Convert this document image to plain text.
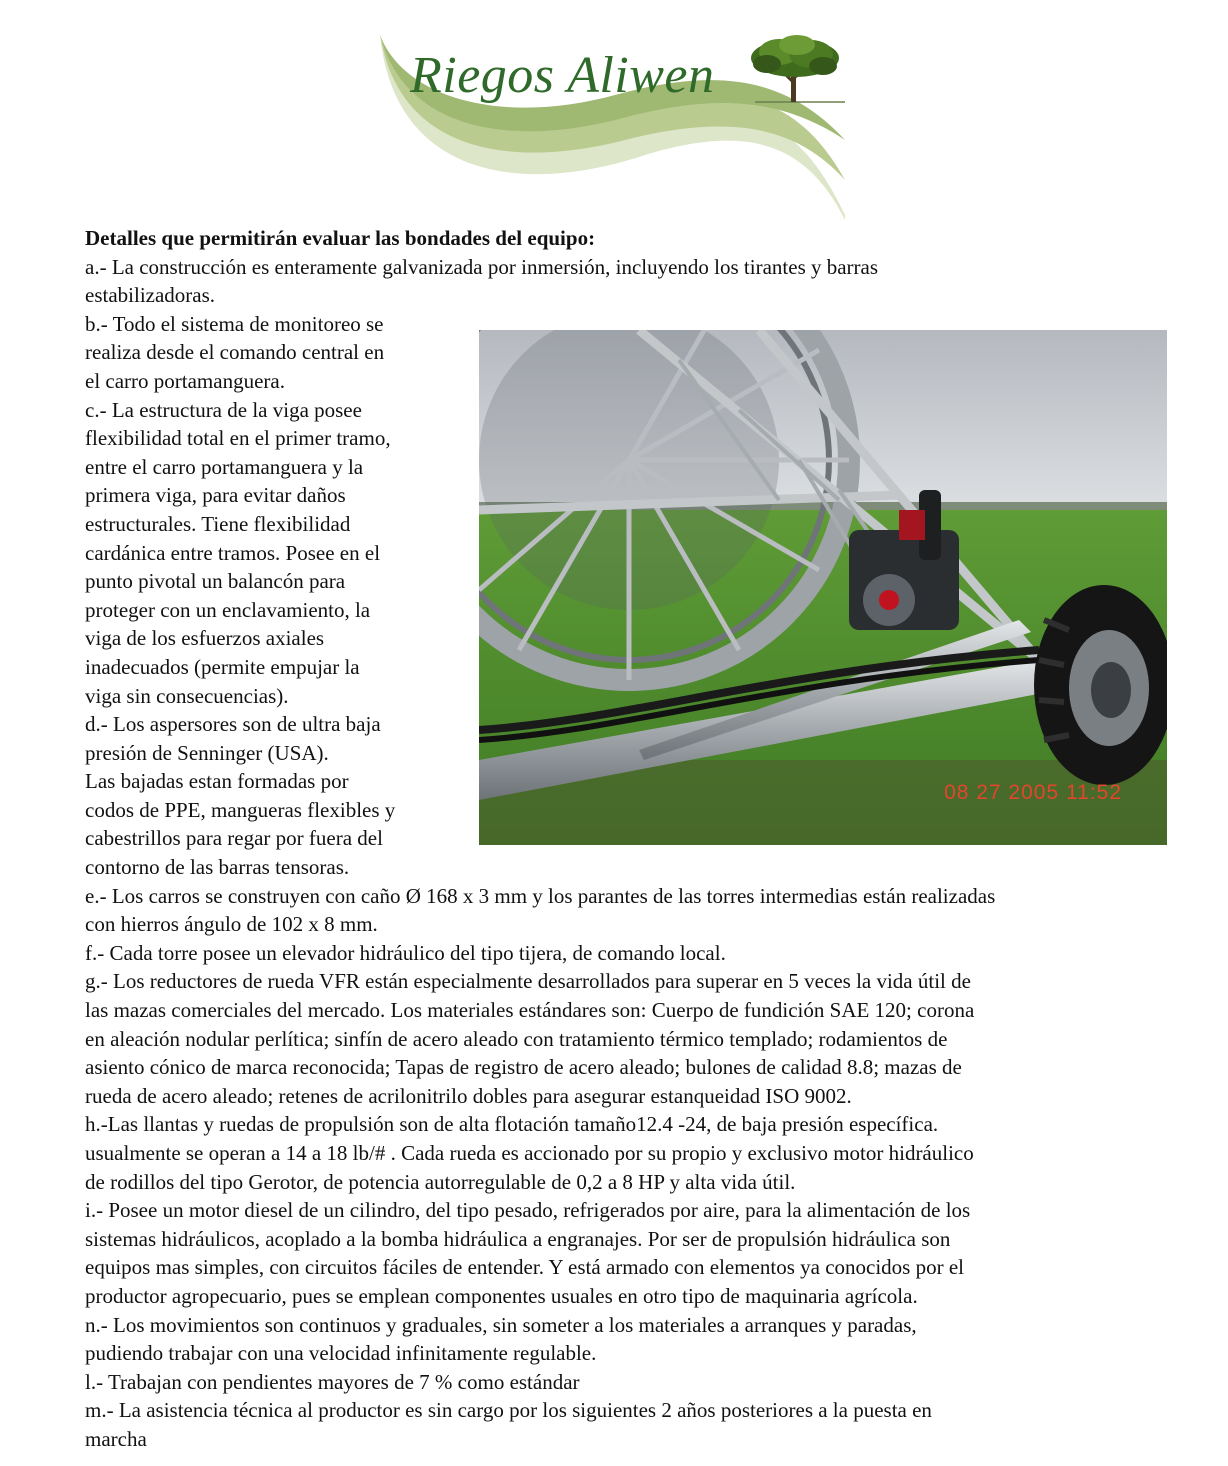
Riegos Aliwen
08 27 2005 11:52
Detalles que permitirán evaluar las bondades del equipo:
a.- La construcción es enteramente galvanizada por inmersión, incluyendo los tirantes y barras
estabilizadoras.
b.- Todo el sistema de monitoreo se
realiza desde el comando central en
el carro portamanguera.
c.- La estructura de la viga posee
flexibilidad total en el primer tramo,
entre el carro portamanguera y la
primera viga, para evitar daños
estructurales. Tiene flexibilidad
cardánica entre tramos. Posee en el
punto pivotal un balancón para
proteger con un enclavamiento, la
viga de los esfuerzos axiales
inadecuados (permite empujar la
viga sin consecuencias).
d.- Los aspersores son de ultra baja
presión de Senninger (USA).
Las bajadas estan formadas por
codos de PPE, mangueras flexibles y
cabestrillos para regar por fuera del
contorno de las barras tensoras.
e.- Los carros se construyen con caño Ø 168 x 3 mm y los parantes de las torres intermedias están realizadas
con hierros ángulo de 102 x 8 mm.
f.- Cada torre posee un elevador hidráulico del tipo tijera, de comando local.
g.- Los reductores de rueda VFR están especialmente desarrollados para superar en 5 veces la vida útil de
las mazas comerciales del mercado. Los materiales estándares son: Cuerpo de fundición SAE 120; corona
en aleación nodular perlítica; sinfín de acero aleado con tratamiento térmico templado; rodamientos de
asiento cónico de marca reconocida; Tapas de registro de acero aleado; bulones de calidad 8.8; mazas de
rueda de acero aleado; retenes de acrilonitrilo dobles para asegurar estanqueidad ISO 9002.
h.-Las llantas y ruedas de propulsión son de alta flotación tamaño12.4 -24, de baja presión específica.
usualmente se operan a 14 a 18 lb/# . Cada rueda es accionado por su propio y exclusivo motor hidráulico
de rodillos del tipo Gerotor, de potencia autorregulable de 0,2 a 8 HP y alta vida útil.
i.- Posee un motor diesel de un cilindro, del tipo pesado, refrigerados por aire, para la alimentación de los
sistemas hidráulicos, acoplado a la bomba hidráulica a engranajes. Por ser de propulsión hidráulica son
equipos mas simples, con circuitos fáciles de entender. Y está armado con elementos ya conocidos por el
productor agropecuario, pues se emplean componentes usuales en otro tipo de maquinaria agrícola.
n.- Los movimientos son continuos y graduales, sin someter a los materiales a arranques y paradas,
pudiendo trabajar con una velocidad infinitamente regulable.
l.- Trabajan con pendientes mayores de 7 % como estándar
m.- La asistencia técnica al productor es sin cargo por los siguientes 2 años posteriores a la puesta en
marcha
